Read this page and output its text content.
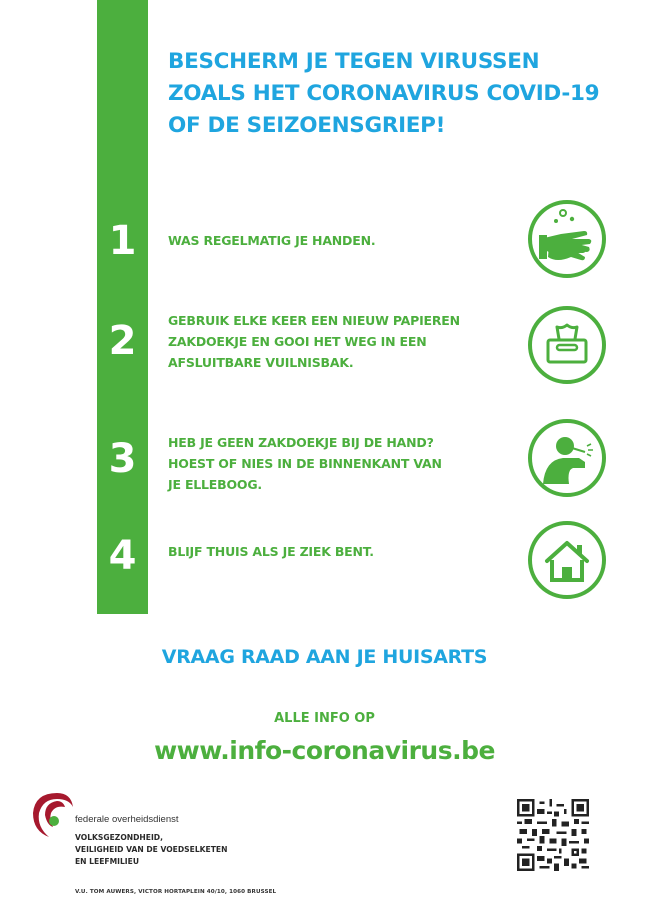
BESCHERM JE TEGEN VIRUSSEN
ZOALS HET CORONAVIRUS COVID-19
OF DE SEIZOENSGRIEP!
1	WAS REGELMATIG JE HANDEN.
2	GEBRUIK ELKE KEER EEN NIEUW PAPIEREN
ZAKDOEKJE EN GOOI HET WEG IN EEN
AFSLUITBARE VUILNISBAK.
3	HEB JE GEEN ZAKDOEKJE BIJ DE HAND?
HOEST OF NIES IN DE BINNENKANT VAN
JE ELLEBOOG.
4	BLIJF THUIS ALS JE ZIEK BENT.
VRAAG RAAD AAN JE HUISARTS
ALLE INFO OP
www.info-coronavirus.be
federale overheidsdienst
VOLKSGEZONDHEID,
VEILIGHEID VAN DE VOEDSELKETEN
EN LEEFMILIEU
V.U. TOM AUWERS, VICTOR HORTAPLEIN 40/10, 1060 BRUSSEL
